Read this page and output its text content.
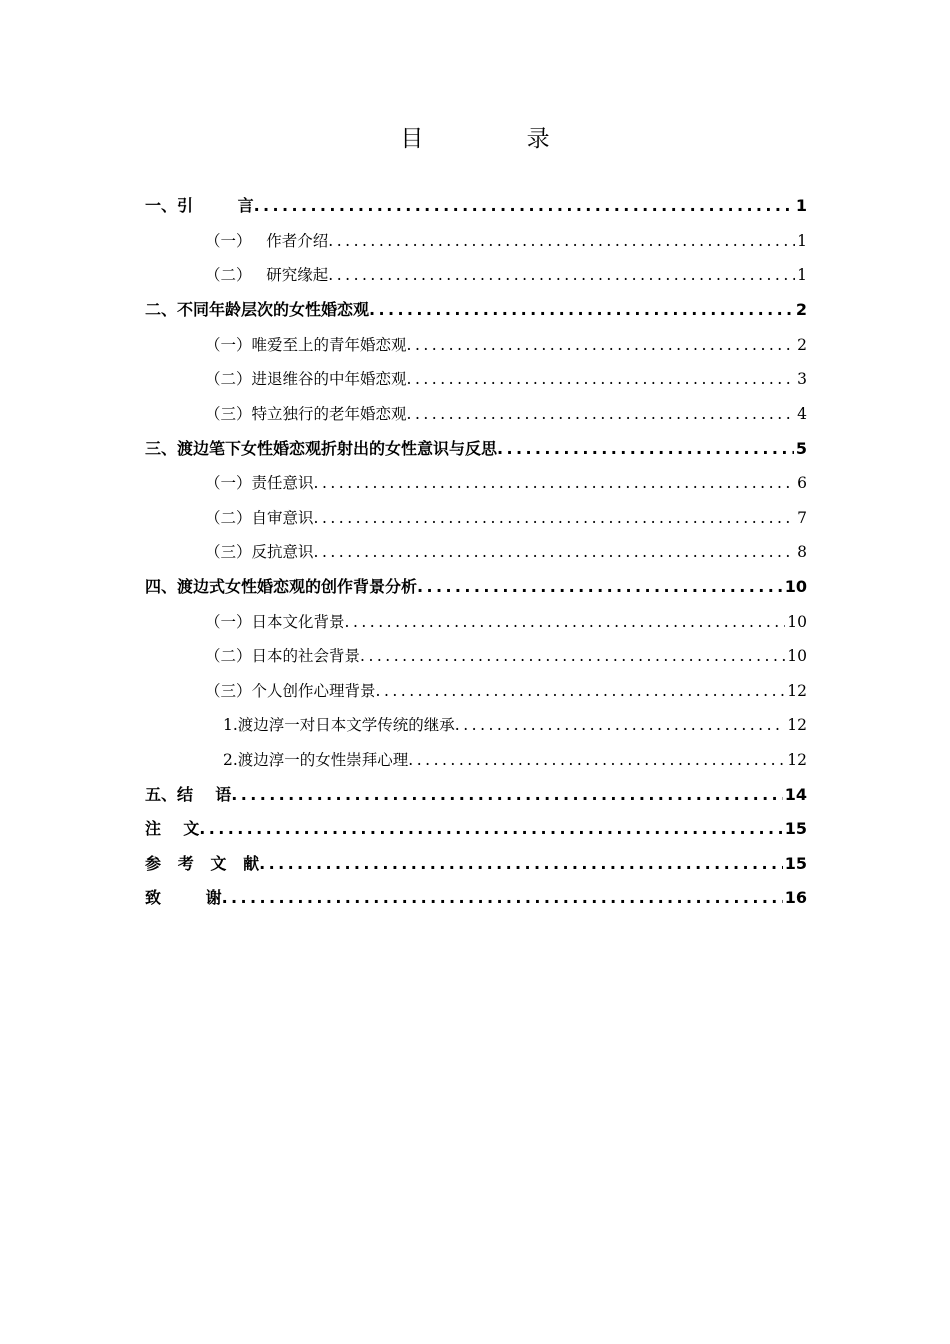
目 录
一、引        言 .....	1
（一）   作者介绍 .....	1
（二）   研究缘起 .....	1
二、不同年龄层次的女性婚恋观 .....	2
（一）唯爱至上的青年婚恋观 .....	2
（二）进退维谷的中年婚恋观 .....	3
（三）特立独行的老年婚恋观 .....	4
三、渡边笔下女性婚恋观折射出的女性意识与反思 .....	5
（一）责任意识 .....	6
（二）自审意识 .....	7
（三）反抗意识 .....	8
四、渡边式女性婚恋观的创作背景分析 .....	10
（一）日本文化背景 .....	10
（二）日本的社会背景 .....	10
（三）个人创作心理背景 .....	12
1.渡边淳一对日本文学传统的继承 .....	12
2.渡边淳一的女性崇拜心理 .....	12
五、结    语 .....	14
注    文 .....	15
参   考   文   献 .....	15
致        谢 .....	16
